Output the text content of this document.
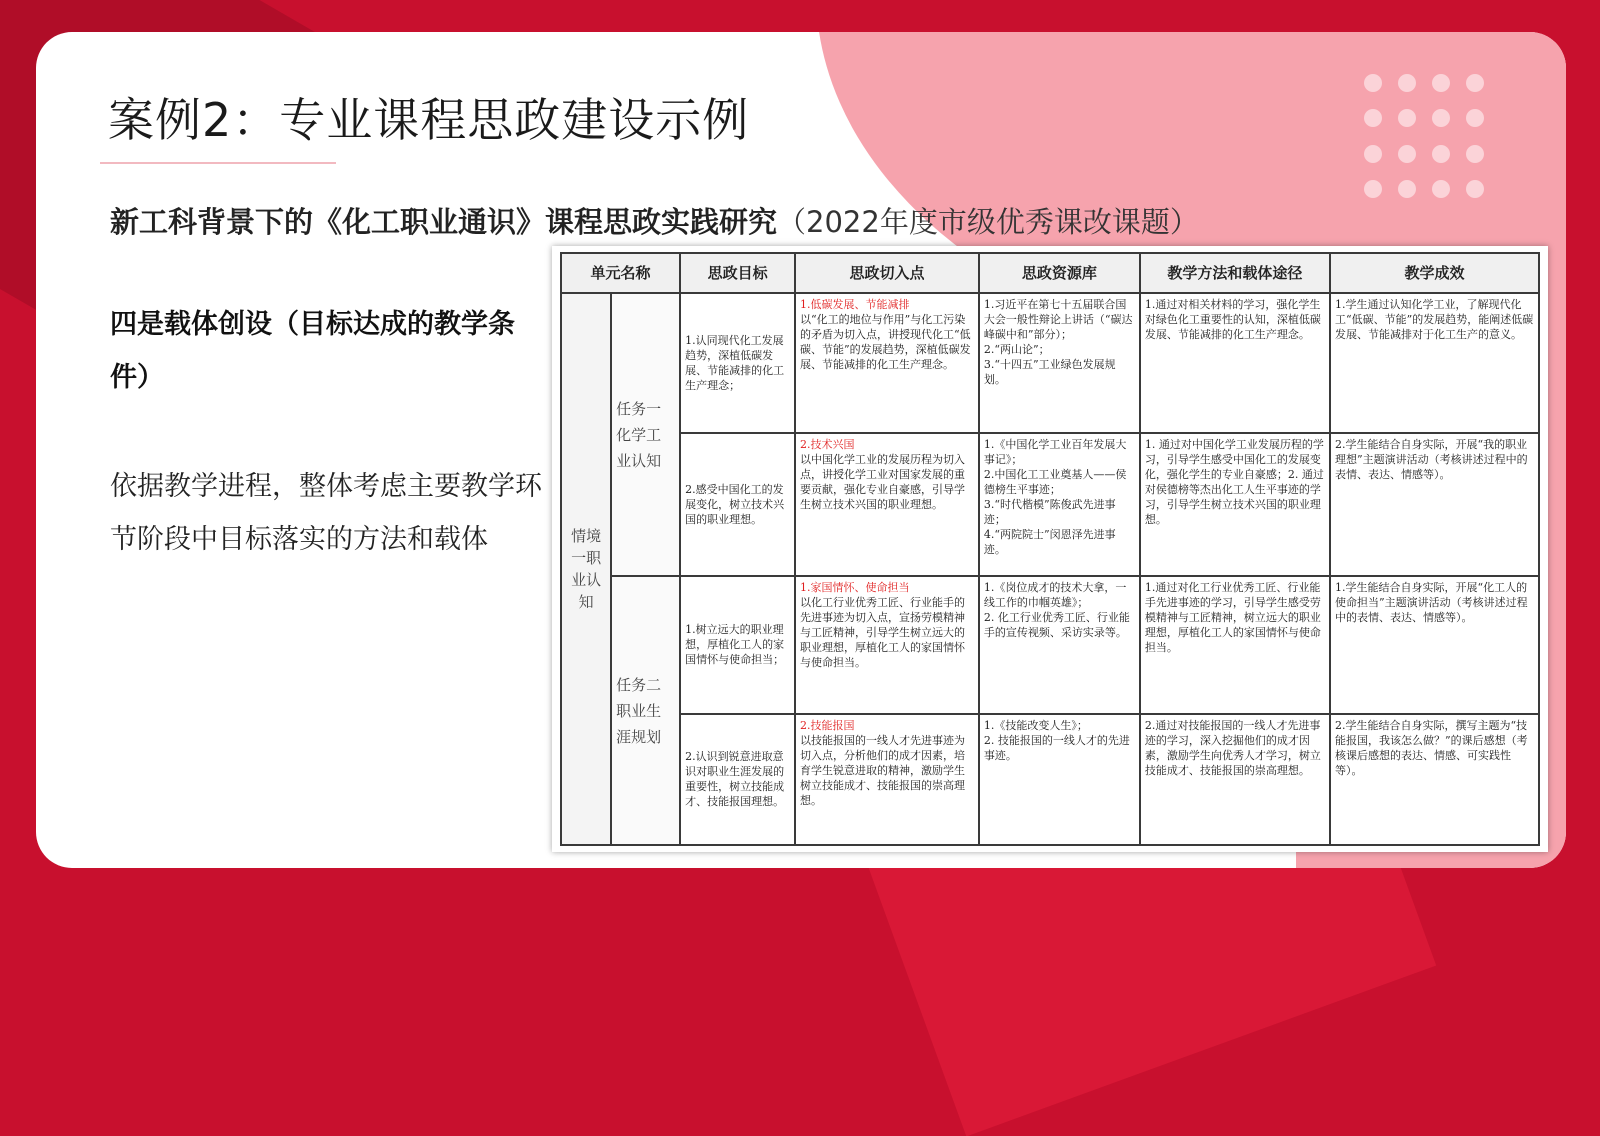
案例2：专业课程思政建设示例
新工科背景下的《化工职业通识》课程思政实践研究（2022年度市级优秀课改课题）
四是载体创设（目标达成的教学条件）
依据教学进程，整体考虑主要教学环节阶段中目标落实的方法和载体
单元名称		思政目标	思政切入点	思政资源库	教学方法和载体途径	教学成效
情境一职业认知	任务一化学工业认知	1.认同现代化工发展趋势，深植低碳发展、节能减排的化工生产理念；	1.低碳发展、节能减排
以“化工的地位与作用”与化工污染的矛盾为切入点，讲授现代化工“低碳、节能”的发展趋势，深植低碳发展、节能减排的化工生产理念。	1.习近平在第七十五届联合国大会一般性辩论上讲话（“碳达峰碳中和”部分）；
2.“两山论”；
3.“十四五”工业绿色发展规划。	1.通过对相关材料的学习，强化学生对绿色化工重要性的认知，深植低碳发展、节能减排的化工生产理念。	1.学生通过认知化学工业，了解现代化工“低碳、节能”的发展趋势，能阐述低碳发展、节能减排对于化工生产的意义。
		2.感受中国化工的发展变化，树立技术兴国的职业理想。	2.技术兴国
以中国化学工业的发展历程为切入点，讲授化学工业对国家发展的重要贡献，强化专业自豪感，引导学生树立技术兴国的职业理想。	1.《中国化学工业百年发展大事记》；
2.中国化工工业奠基人——侯德榜生平事迹；
3.“时代楷模”陈俊武先进事迹；
4.“两院院士”闵恩泽先进事迹。	1. 通过对中国化学工业发展历程的学习，引导学生感受中国化工的发展变化，强化学生的专业自豪感；2. 通过对侯德榜等杰出化工人生平事迹的学习，引导学生树立技术兴国的职业理想。	2.学生能结合自身实际，开展“我的职业理想”主题演讲活动（考核讲述过程中的表情、表达、情感等）。
	任务二职业生涯规划	1.树立远大的职业理想，厚植化工人的家国情怀与使命担当；	1.家国情怀、使命担当
以化工行业优秀工匠、行业能手的先进事迹为切入点，宣扬劳模精神与工匠精神，引导学生树立远大的职业理想，厚植化工人的家国情怀与使命担当。	1.《岗位成才的技术大拿，一线工作的巾帼英雄》；
2. 化工行业优秀工匠、行业能手的宣传视频、采访实录等。	1.通过对化工行业优秀工匠、行业能手先进事迹的学习，引导学生感受劳模精神与工匠精神，树立远大的职业理想，厚植化工人的家国情怀与使命担当。	1.学生能结合自身实际，开展“化工人的使命担当”主题演讲活动（考核讲述过程中的表情、表达、情感等）。
		2.认识到锐意进取意识对职业生涯发展的重要性，树立技能成才、技能报国理想。	2.技能报国
以技能报国的一线人才先进事迹为切入点，分析他们的成才因素，培育学生锐意进取的精神，激励学生树立技能成才、技能报国的崇高理想。	1.《技能改变人生》；
2. 技能报国的一线人才的先进事迹。	2.通过对技能报国的一线人才先进事迹的学习，深入挖掘他们的成才因素，激励学生向优秀人才学习，树立技能成才、技能报国的崇高理想。	2.学生能结合自身实际，撰写主题为“技能报国，我该怎么做？”的课后感想（考核课后感想的表达、情感、可实践性等）。
